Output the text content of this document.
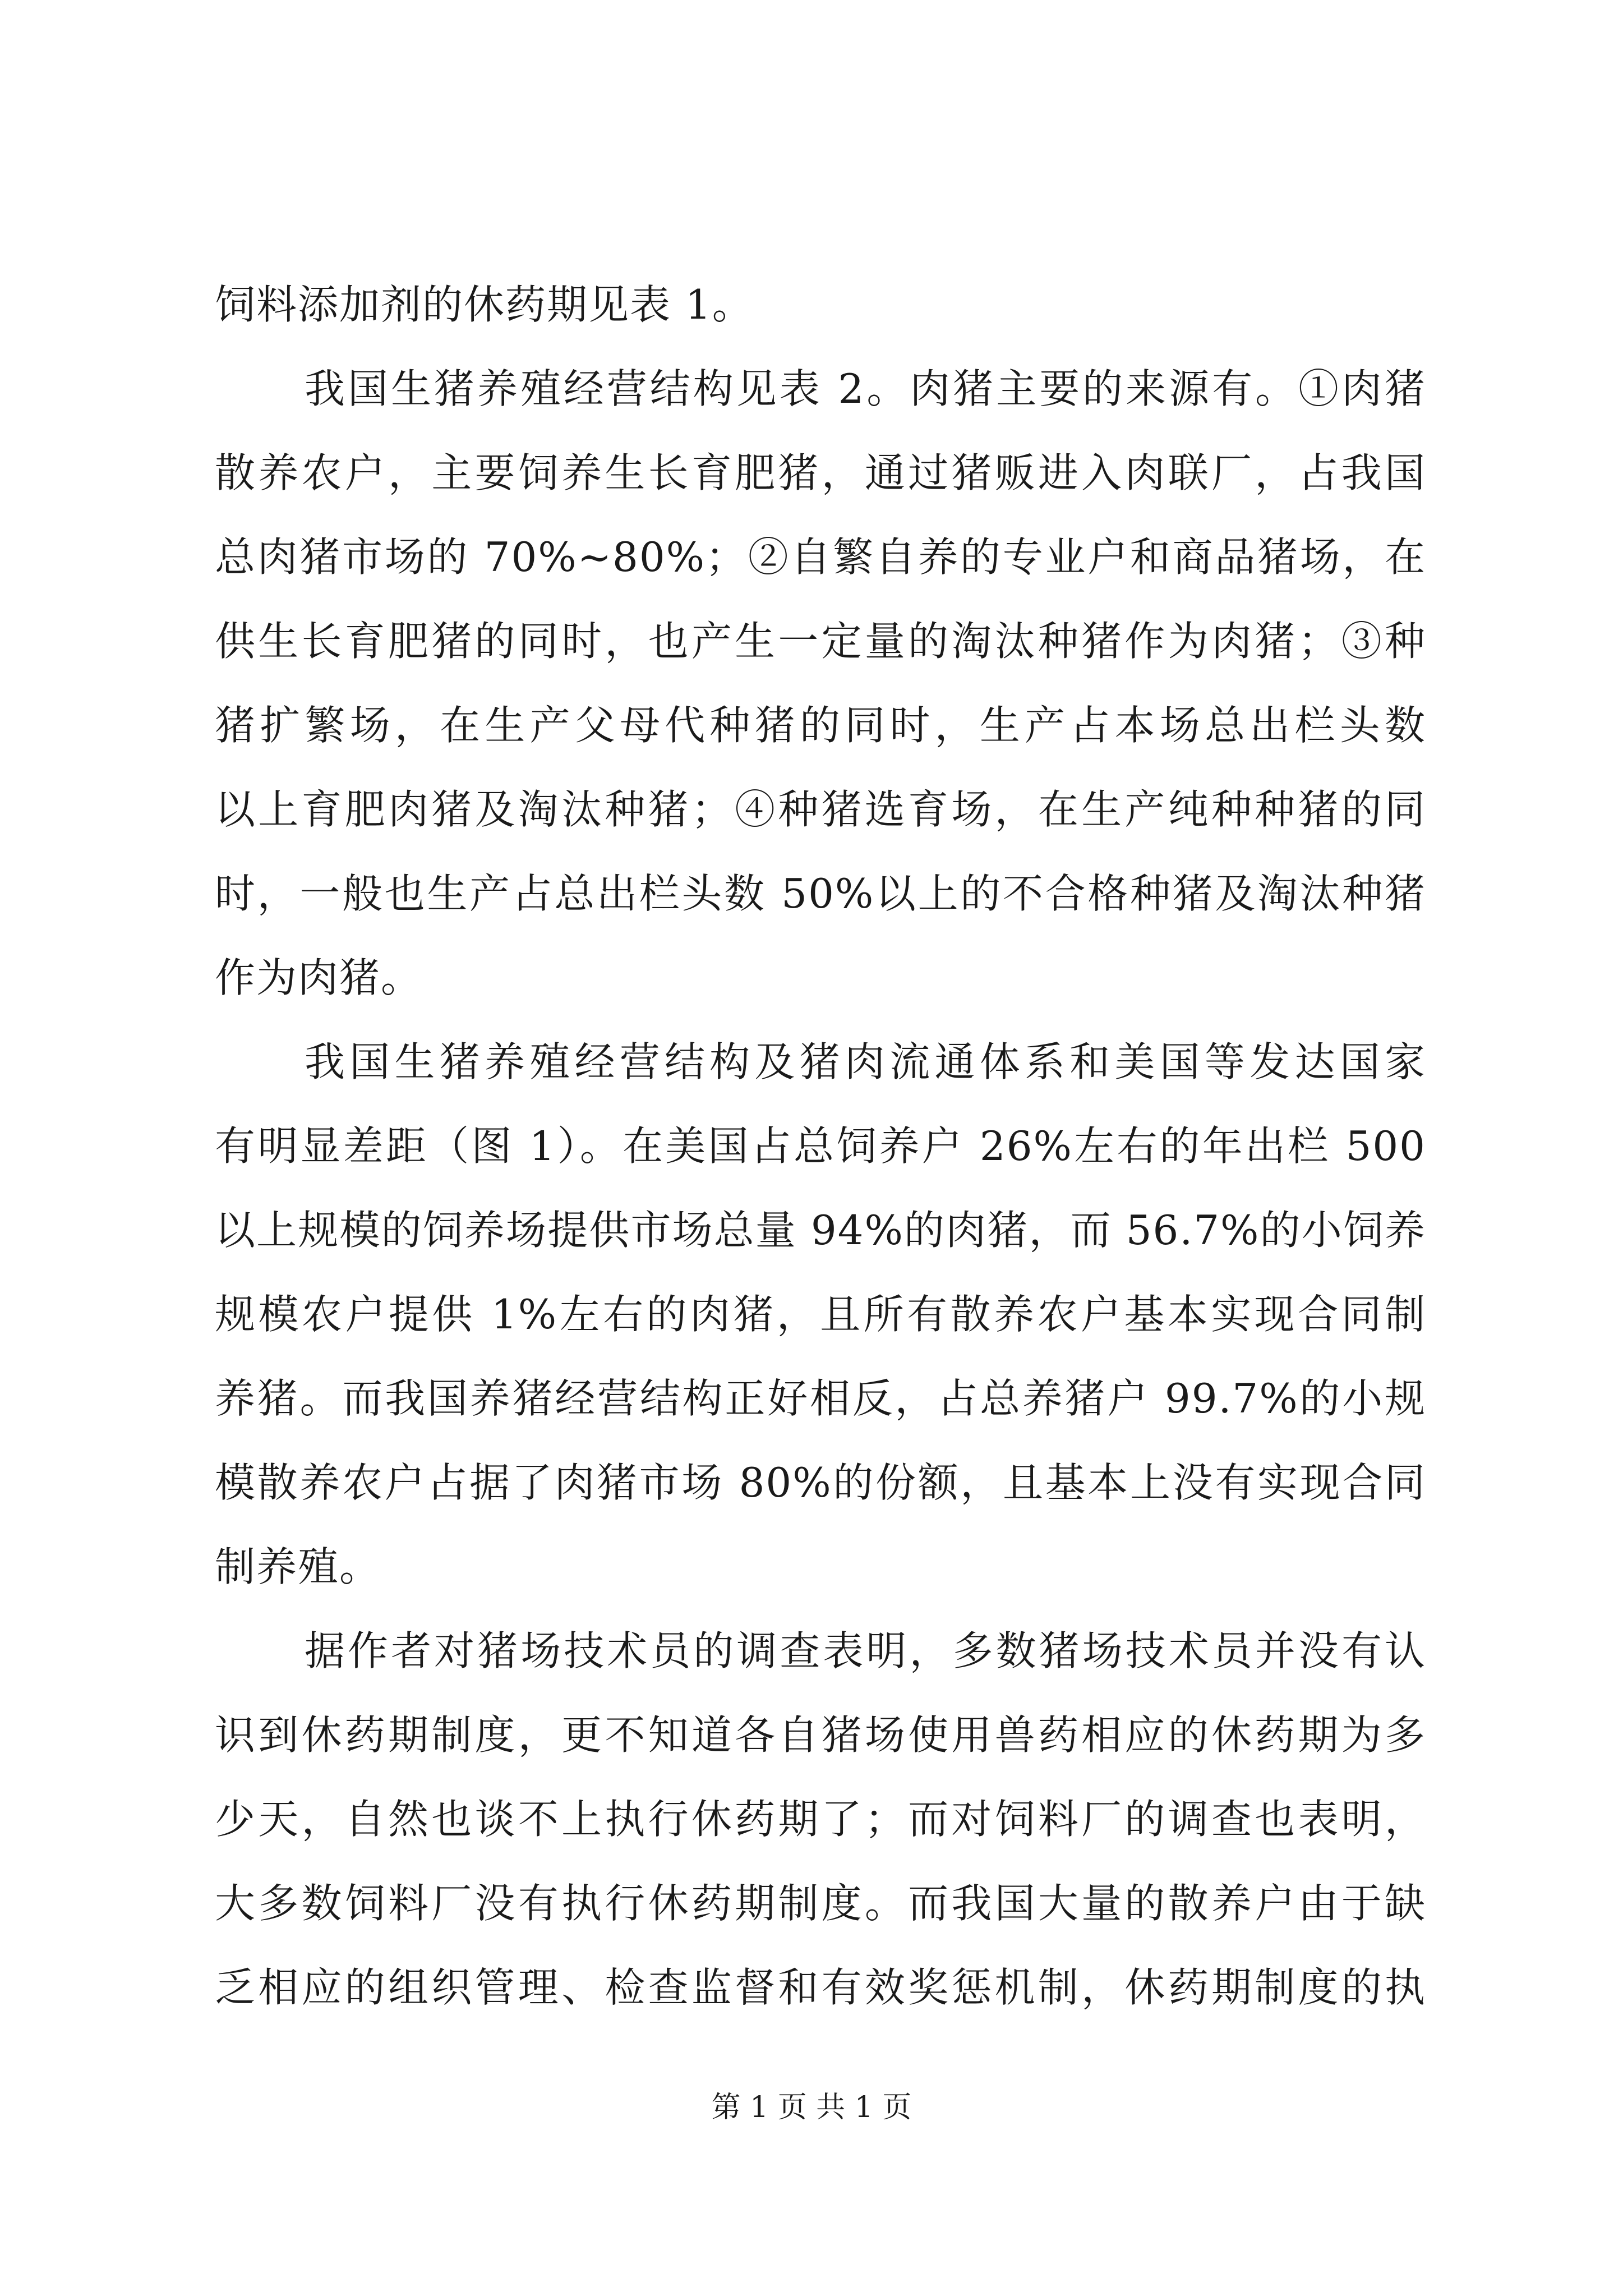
饲料添加剂的休药期见表 1。
我国生猪养殖经营结构见表 2。肉猪主要的来源有。①肉猪
散养农户，主要饲养生长育肥猪，通过猪贩进入肉联厂，占我国
总肉猪市场的 70%~80%；②自繁自养的专业户和商品猪场，在
供生长育肥猪的同时，也产生一定量的淘汰种猪作为肉猪；③种
猪扩繁场，在生产父母代种猪的同时，生产占本场总出栏头数
以上育肥肉猪及淘汰种猪；④种猪选育场，在生产纯种种猪的同
时，一般也生产占总出栏头数 50%以上的不合格种猪及淘汰种猪
作为肉猪。
我国生猪养殖经营结构及猪肉流通体系和美国等发达国家
有明显差距（图 1）。在美国占总饲养户 26%左右的年出栏 500
以上规模的饲养场提供市场总量 94%的肉猪，而 56.7%的小饲养
规模农户提供 1%左右的肉猪，且所有散养农户基本实现合同制
养猪。而我国养猪经营结构正好相反，占总养猪户 99.7%的小规
模散养农户占据了肉猪市场 80%的份额，且基本上没有实现合同
制养殖。
据作者对猪场技术员的调查表明，多数猪场技术员并没有认
识到休药期制度，更不知道各自猪场使用兽药相应的休药期为多
少天，自然也谈不上执行休药期了；而对饲料厂的调查也表明，
大多数饲料厂没有执行休药期制度。而我国大量的散养户由于缺
乏相应的组织管理、检查监督和有效奖惩机制，休药期制度的执
第 1 页 共 1 页
